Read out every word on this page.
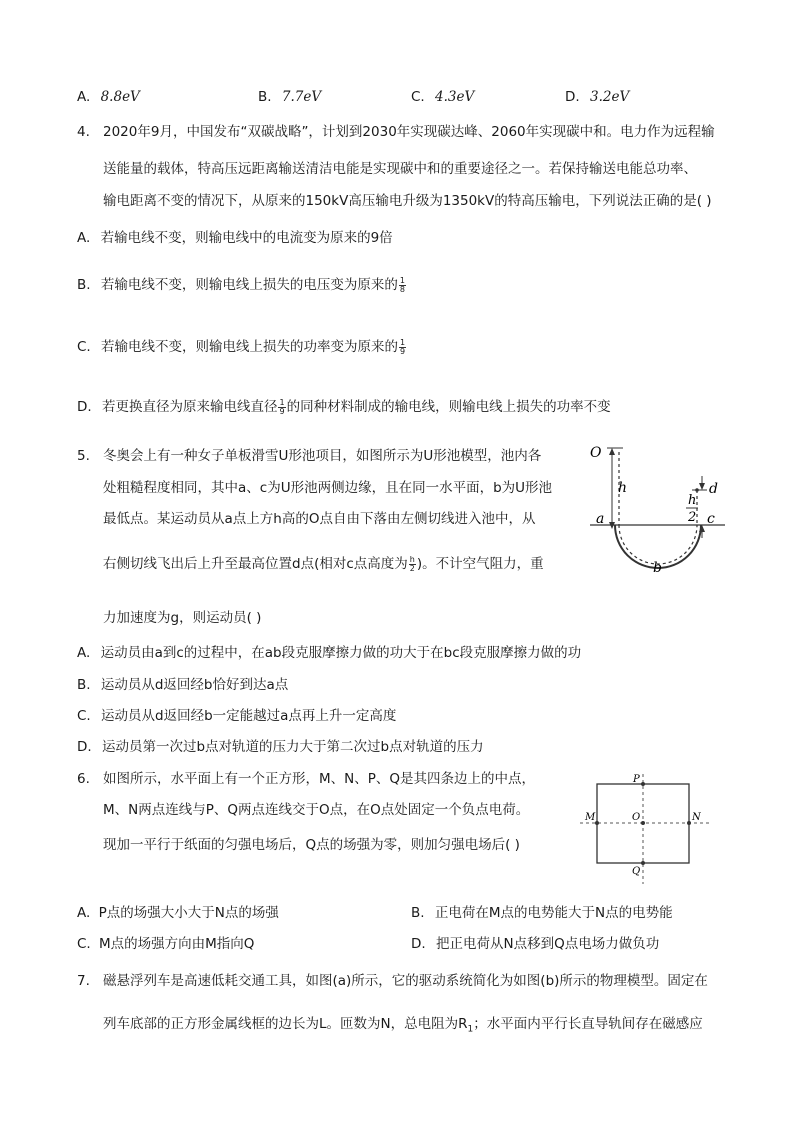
A. 8.8eV	B. 7.7eV	C. 4.3eV	D. 3.2eV
4. 2020年9月，中国发布“双碳战略”，计划到2030年实现碳达峰、2060年实现碳中和。电力作为远程输
送能量的载体，特高压远距离输送清洁电能是实现碳中和的重要途径之一。若保持输送电能总功率、
输电距离不变的情况下，从原来的150kV高压输电升级为1350kV的特高压输电，下列说法正确的是( )
A. 若输电线不变，则输电线中的电流变为原来的9倍
B. 若输电线不变，则输电线上损失的电压变为原来的 $\frac{1}{8}$
C. 若输电线不变，则输电线上损失的功率变为原来的 $\frac{1}{9}$
D. 若更换直径为原来输电线直径 $\frac{1}{9}$ 的同种材料制成的输电线，则输电线上损失的功率不变
5. 冬奥会上有一种女子单板滑雪U形池项目，如图所示为U形池模型，池内各
处粗糙程度相同，其中a、c为U形池两侧边缘，且在同一水平面，b为U形池
最低点。某运动员从a点上方h高的O点自由下落由左侧切线进入池中，从
右侧切线飞出后上升至最高位置d点(相对c点高度为 $\frac{h}{2}$ )。不计空气阻力，重
力加速度为g，则运动员( )
A. 运动员由a到c的过程中，在ab段克服摩擦力做的功大于在bc段克服摩擦力做的功
B. 运动员从d返回经b恰好到达a点
C. 运动员从d返回经b一定能越过a点再上升一定高度
D. 运动员第一次过b点对轨道的压力大于第二次过b点对轨道的压力
O
h	d
h
2
a	c
b
6. 如图所示，水平面上有一个正方形，M、N、P、Q是其四条边上的中点，
M、N两点连线与P、Q两点连线交于O点，在O点处固定一个负点电荷。
现加一平行于纸面的匀强电场后，Q点的场强为零，则加匀强电场后( )
P
M	O	N
Q
A. P点的场强大小大于N点的场强	B. 正电荷在M点的电势能大于N点的电势能
C. M点的场强方向由M指向Q	D. 把正电荷从N点移到Q点电场力做负功
7. 磁悬浮列车是高速低耗交通工具，如图(a)所示，它的驱动系统简化为如图(b)所示的物理模型。固定在
列车底部的正方形金属线框的边长为L。匝数为N，总电阻为$R_1$；水平面内平行长直导轨间存在磁感应
